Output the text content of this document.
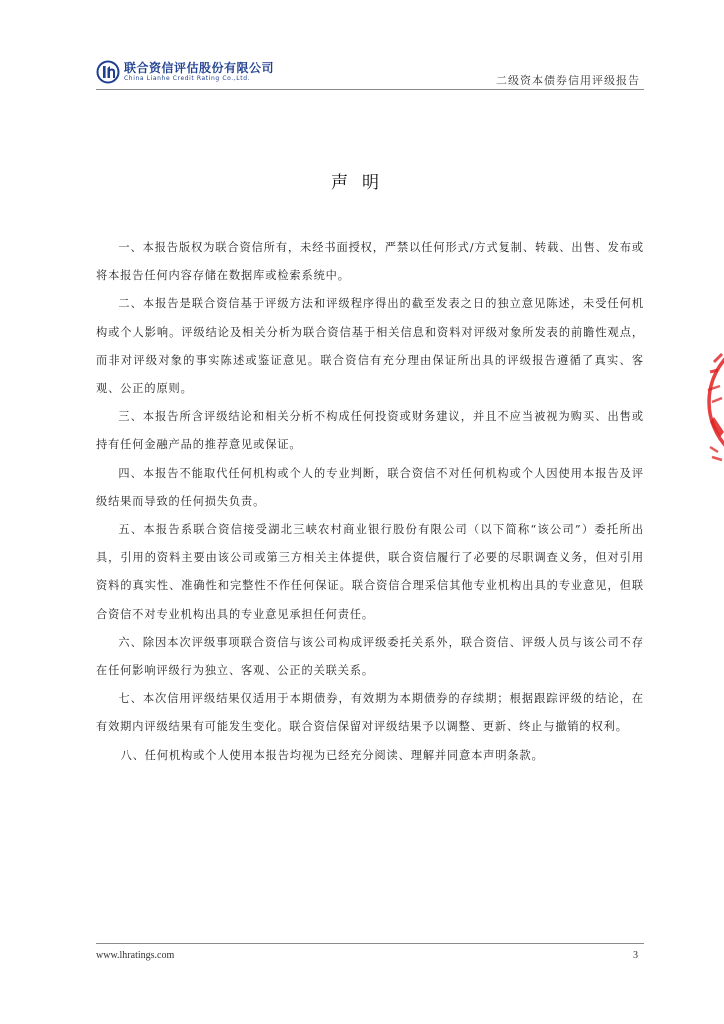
联合资信评估股份有限公司
China Lianhe Credit Rating Co.,Ltd.	二级资本债券信用评级报告
声明

一、本报告版权为联合资信所有，未经书面授权，严禁以任何形式/方式复制、转载、出售、发布或将本报告任何内容存储在数据库或检索系统中。

二、本报告是联合资信基于评级方法和评级程序得出的截至发表之日的独立意见陈述，未受任何机构或个人影响。评级结论及相关分析为联合资信基于相关信息和资料对评级对象所发表的前瞻性观点，而非对评级对象的事实陈述或鉴证意见。联合资信有充分理由保证所出具的评级报告遵循了真实、客观、公正的原则。

三、本报告所含评级结论和相关分析不构成任何投资或财务建议，并且不应当被视为购买、出售或持有任何金融产品的推荐意见或保证。

四、本报告不能取代任何机构或个人的专业判断，联合资信不对任何机构或个人因使用本报告及评级结果而导致的任何损失负责。

五、本报告系联合资信接受湖北三峡农村商业银行股份有限公司（以下简称“该公司”）委托所出具，引用的资料主要由该公司或第三方相关主体提供，联合资信履行了必要的尽职调查义务，但对引用资料的真实性、准确性和完整性不作任何保证。联合资信合理采信其他专业机构出具的专业意见，但联合资信不对专业机构出具的专业意见承担任何责任。

六、除因本次评级事项联合资信与该公司构成评级委托关系外，联合资信、评级人员与该公司不存在任何影响评级行为独立、客观、公正的关联关系。

七、本次信用评级结果仅适用于本期债券，有效期为本期债券的存续期；根据跟踪评级的结论，在有效期内评级结果有可能发生变化。联合资信保留对评级结果予以调整、更新、终止与撤销的权利。

八、任何机构或个人使用本报告均视为已经充分阅读、理解并同意本声明条款。

www.lhratings.com	3
